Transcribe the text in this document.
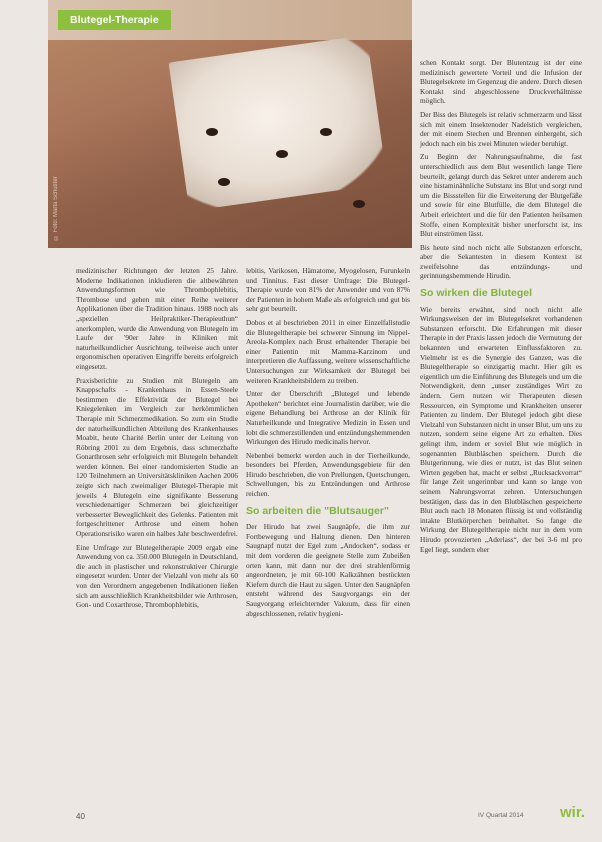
© Foto: Marta Schuster
Blutegel-Therapie

medizinischer Richtungen der letzten 25 Jahre. Moderne Indikationen inkludieren die altbewährten Anwendungsformen wie Thrombophlebitis, Thrombose und gehen mit einer Reihe weiterer Applikationen über die Tradition hinaus. 1988 noch als „speziellen Heilpraktiker-Therapieuthun“ anerkomplen, wurde die Anwendung von Blutegeln im Laufe der '90er Jahre in Kliniken mit naturheilkundlicher Ausrichtung, teilweise auch unter ergonomischen operativen Eingriffe bereits erfolgreich eingesetzt.

Praxisberichte zu Studien mit Blutegeln am Knappschafts - Krankenhaus in Essen-Steele bestimmen die Effektivität der Blutegel bei Kniegelenken im Vergleich zur herkömmlichen Therapie mit Schmerzmedikation. So zum ein Studie der naturheilkundlichen Abteilung des Krankenhauses Moabit, heute Charité Berlin unter der Leitung von Röbring 2001 zu dem Ergebnis, dass schmerzhafte Gonarthrosen sehr erfolgreich mit Blutegeln behandelt werden können. Bei einer randomisierten Studie an 120 Teilnehmern an Universitätskliniken Aachen 2006 zeigte sich nach zweimaliger Blutegel-Therapie mit jeweils 4 Blutegeln eine signifikante Besserung verschiedenartiger Schmerzen bei gleichzeitiger verbesserter Beweglichkeit des Gelenks. Patienten mit fortgeschrittener Arthrose und einem hohen Operationsrisiko waren ein halbes Jahr beschwerdefrei.

Eine Umfrage zur Blutegeltherapie 2009 ergab eine Anwendung von ca. 350.000 Blutegeln in Deutschland, die auch in plastischer und rekonstruktiver Chirurgie eingesetzt wurden. Unter der Vielzahl von mehr als 60 von den Verordnern angegebenen Indikationen ließen sich am ausschließlich Krankheitsbilder wie Arthrosen, Gon- und Coxarthrose, Thrombophlebitis,

lebitis, Varikosen, Hämatome, Myogelosen, Furunkeln und Tinnitus. Fast dieser Umfrage: Die Blutegel-Therapie wurde von 81% der Anwender und von 87% der Patienten in hohem Maße als erfolgreich und gut bis sehr gut beurteilt.

Dobos et al beschrieben 2011 in einer Einzelfallstudie die Blutegeltherapie bei schwerer Sinnung im Nippel-Areola-Komplex nach Brust erhaltender Therapie bei einer Patientin mit Mamma-Karzinom und interpretieren die Auffassung, weitere wissenschaftliche Untersuchungen zur Wirksamkeit der Blutegel bei weiteren Krankheitsbildern zu treiben.

Unter der Überschrift „Blutegel und lebende Apotheken“ berichtet eine Journalistin darüber, wie die eigene Behandlung bei Arthrose an der Klinik für Naturheilkunde und Integrative Medizin in Essen und lobt die schmerzstillenden und entzündungshemmenden Wirkungen des Hirudo medicinalis hervor.

Nebenbei bemerkt werden auch in der Tierheilkunde, besonders bei Pferden, Anwendungsgebiete für den Hirudo beschrieben, die von Prellungen, Quetschungen, Schwellungen, bis zu Entzündungen und Arthrose reichen.

So arbeiten die "Blutsauger"

Der Hirudo hat zwei Saugnäpfe, die ihm zur Fortbewegung und Haltung dienen. Den hinteren Saugnapf nutzt der Egel zum „Andocken“, sodass er mit dem vorderen die geeignete Stelle zum Zubeißen orten kann, mit dann nur der drei strahlenförmig angeordneten, je mit 60-100 Kalkzähnen bestückten Kiefern durch die Haut zu sägen. Unter den Saugnäpfen entsteht während des Saugvorgangs ein der Saugvorgang erleichternder Vakuum, dass für einen abgeschlossenen, relativ hygieni-

schen Kontakt sorgt. Der Blutentzug ist der eine medizinisch gewertete Vorteil und die Infusion der Blutegelsekrete im Gegenzug die andere. Durch diesen Kontakt sind abgeschlossene Druckverhältnisse möglich.

Der Biss des Blutegels ist relativ schmerzarm und lässt sich mit einem Insektenoder Nadelstich vergleichen, der mit einem Stechen und Brennen einhergeht, sich jedoch nach ein bis zwei Minuten wieder beruhigt.

Zu Beginn der Nahrungsaufnahme, die fast unterschiedlich aus dem Blut wesentlich lange Tiere beurteilt, gelangt durch das Sekret unter anderem auch eine histaminähnliche Substanz ins Blut und sorgt rund um die Bissstellen für die Erweiterung der Blutgefäße und sowie für eine Blutfülle, die dem Blutegel die Arbeit erleichtert und die für den Patienten heilsamen Stoffe, einen Komplexität bisher unerforscht ist, ins Blut einströmen lässt.

Bis heute sind noch nicht alle Substanzen erforscht, aber die Sekantesten in diesem Kontext ist zweifelsohne das entzündungs- und gerinnungshemmende Hirudin.

So wirken die Blutegel

Wie bereits erwähnt, sind noch nicht alle Wirkungsweisen der im Blutegelsekret vorhandenen Substanzen erforscht. Die Erfahrungen mit dieser Therapie in der Praxis lassen jedoch die Vermutung der bekannten und erwarteten Einflussfaktoren zu. Vielmehr ist es die Synergie des Ganzen, was die Blutegeltherapie so einzigartig macht. Hier gilt es eigentlich um die Einführung des Blutegels und um die Notwendigkeit, denn „unser zuständiges Wirt zu ändern. Gern nutzen wir Therapeuten diesen Ressourcen, ein Symptome und Krankheiten unserer Patienten zu lindern. Der Blutegel jedoch gibt diese Vielzahl von Substanzen nicht in unser Blut, um uns zu nutzen, sondern seine eigene Art zu erhalten. Dies gelingt ihm, indem er soviel Blut wie möglich in sogenannten Blutbläschen speichern. Durch die Blutgerinnung, wie dies er nutzt, ist das Blut seinen Wirten gegeben hat, macht er selbst „Rucksackvorrat“ für lange Zeit ungerinnbar und kann so lange von seinem Nahrungsvorrat zehren. Untersuchungen bestätigen, dass das in den Blutbläschen gespeicherte Blut auch nach 18 Monaten flüssig ist und vollständig intakte Blutkörperchen beinhaltet. So fange die Wirkung der Blutegeltherapie nicht nur in dem vom Hirudo provozierten „Aderlass“, der bei 3-6 ml pro Egel liegt, sondern eher

40	IV Quartal 2014 wir.
